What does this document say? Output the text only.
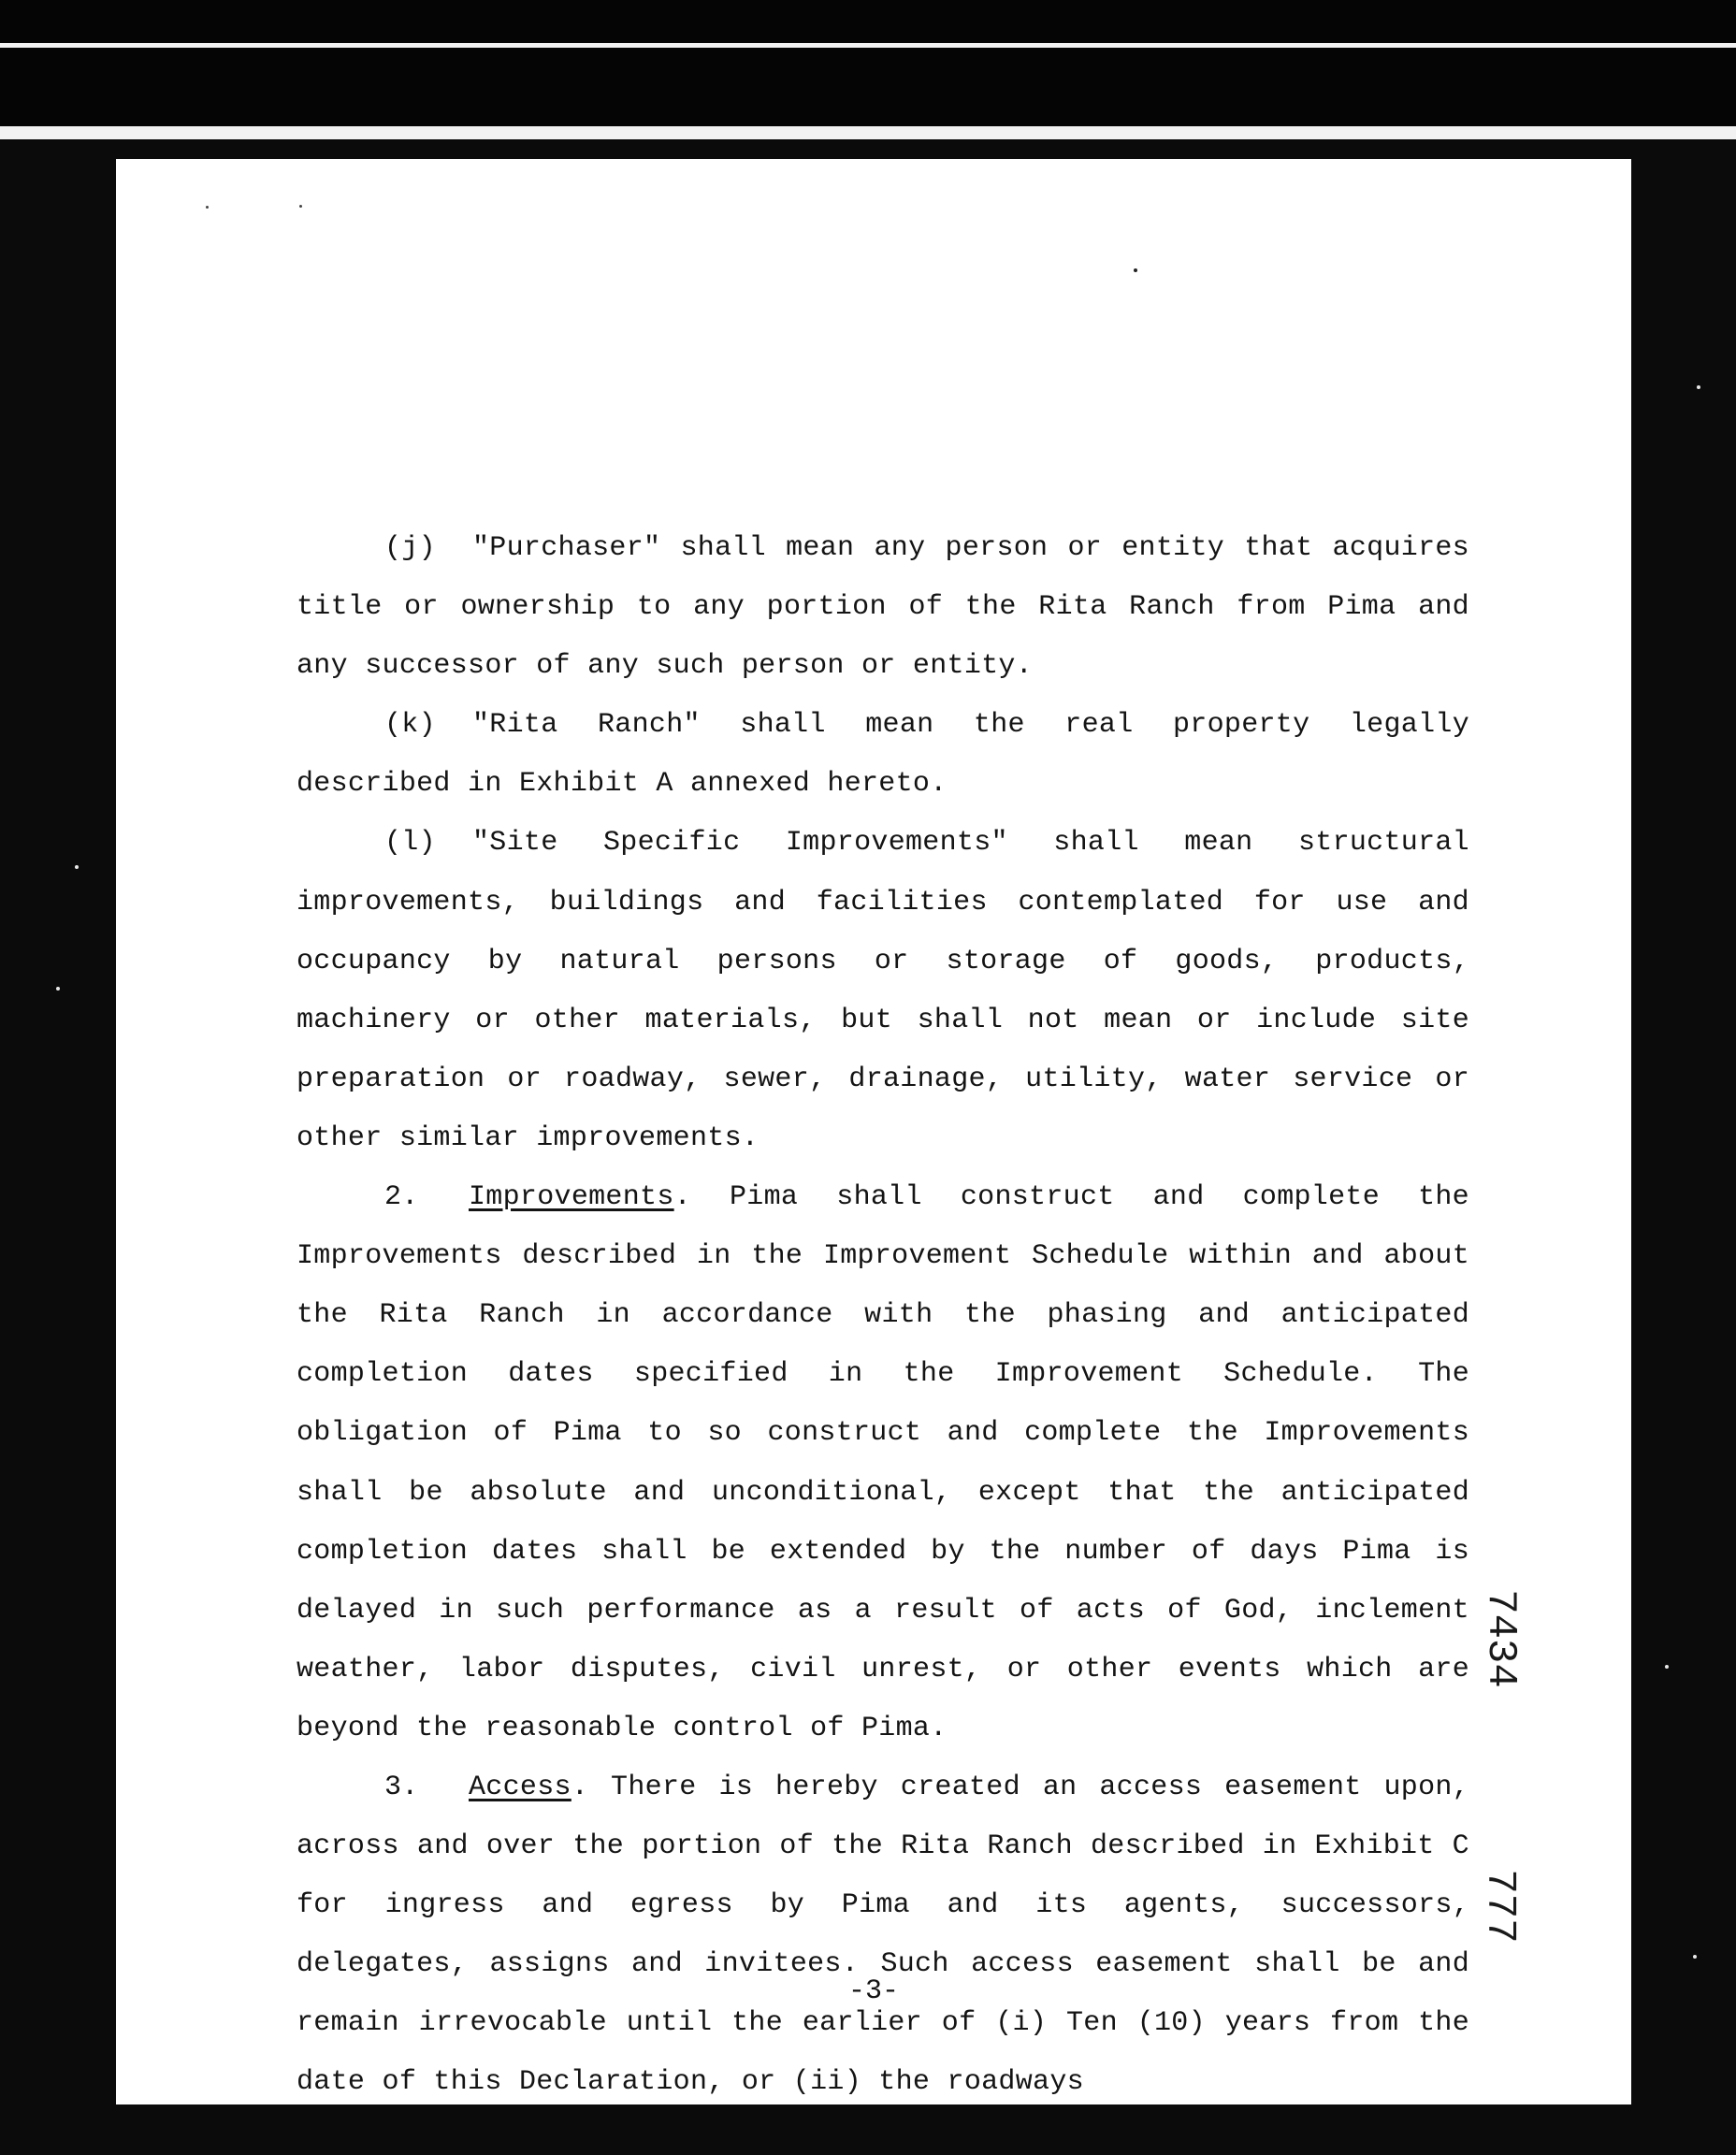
(j) "Purchaser" shall mean any person or entity that acquires title or ownership to any portion of the Rita Ranch from Pima and any successor of any such person or entity.

(k) "Rita Ranch" shall mean the real property legally described in Exhibit A annexed hereto.

(l) "Site Specific Improvements" shall mean structural improvements, buildings and facilities contemplated for use and occupancy by natural persons or storage of goods, products, machinery or other materials, but shall not mean or include site preparation or roadway, sewer, drainage, utility, water service or other similar improvements.

2. Improvements. Pima shall construct and complete the Improvements described in the Improvement Schedule within and about the Rita Ranch in accordance with the phasing and anticipated completion dates specified in the Improvement Schedule. The obligation of Pima to so construct and complete the Improvements shall be absolute and unconditional, except that the anticipated completion dates shall be extended by the number of days Pima is delayed in such performance as a result of acts of God, inclement weather, labor disputes, civil unrest, or other events which are beyond the reasonable control of Pima.

3. Access. There is hereby created an access easement upon, across and over the portion of the Rita Ranch described in Exhibit C for ingress and egress by Pima and its agents, successors, delegates, assigns and invitees. Such access easement shall be and remain irrevocable until the earlier of (i) Ten (10) years from the date of this Declaration, or (ii) the roadways

7434
777
-3-
